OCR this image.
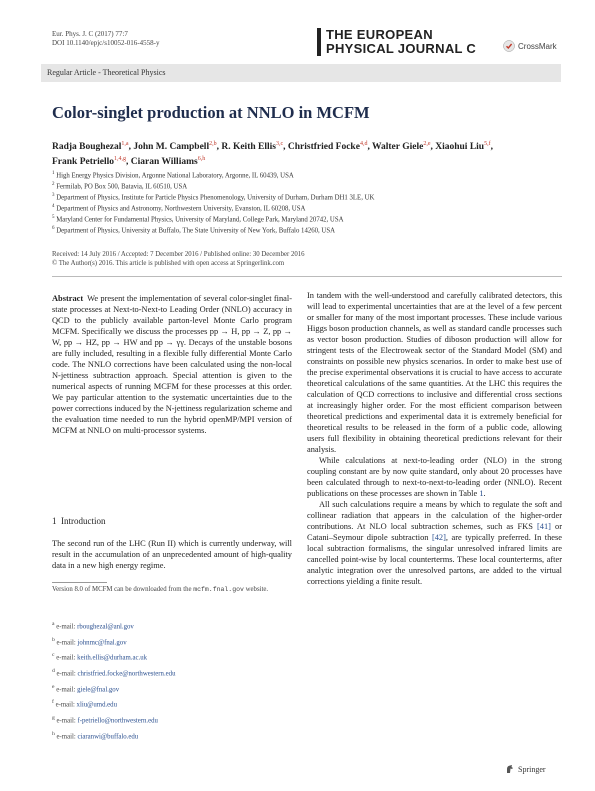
Eur. Phys. J. C (2017) 77:7
DOI 10.1140/epjc/s10052-016-4558-y
THE EUROPEAN
PHYSICAL JOURNAL C	CrossMark
Regular Article - Theoretical Physics
Color-singlet production at NNLO in MCFM
Radja Boughezal$^{1,a}$, John M. Campbell$^{2,b}$, R. Keith Ellis$^{3,c}$, Christfried Focke$^{4,d}$, Walter Giele$^{2,e}$, Xiaohui Liu$^{5,f}$,
Frank Petriello$^{1,4,g}$, Ciaran Williams$^{6,h}$
$^1$ High Energy Physics Division, Argonne National Laboratory, Argonne, IL 60439, USA
$^2$ Fermilab, PO Box 500, Batavia, IL 60510, USA
$^3$ Department of Physics, Institute for Particle Physics Phenomenology, University of Durham, Durham DH1 3LE, UK
$^4$ Department of Physics and Astronomy, Northwestern University, Evanston, IL 60208, USA
$^5$ Maryland Center for Fundamental Physics, University of Maryland, College Park, Maryland 20742, USA
$^6$ Department of Physics, University at Buffalo, The State University of New York, Buffalo 14260, USA
Received: 14 July 2016 / Accepted: 7 December 2016 / Published online: 30 December 2016
© The Author(s) 2016. This article is published with open access at Springerlink.com
Abstract We present the implementation of several color-singlet final-state processes at Next-to-Next-to Leading Order (NNLO) accuracy in QCD to the publicly available parton-level Monte Carlo program MCFM. Specifically we discuss the processes pp → H, pp → Z, pp → W, pp → HZ, pp → HW and pp → γγ. Decays of the unstable bosons are fully included, resulting in a flexible fully differential Monte Carlo code. The NNLO corrections have been calculated using the non-local N-jettiness subtraction approach. Special attention is given to the numerical aspects of running MCFM for these processes at this order. We pay particular attention to the systematic uncertainties due to the power corrections induced by the N-jettiness regularization scheme and the evaluation time needed to run the hybrid openMP/MPI version of MCFM at NNLO on multi-processor systems.
1 Introduction
The second run of the LHC (Run II) which is currently underway, will result in the accumulation of an unprecedented amount of high-quality data in a new high energy regime.
Version 8.0 of MCFM can be downloaded from the mcfm.fnal.gov website.
$^a$ e-mail: rboughezal@anl.gov
$^b$ e-mail: johnmc@fnal.gov
$^c$ e-mail: keith.ellis@durham.ac.uk
$^d$ e-mail: christfried.focke@northwestern.edu
$^e$ e-mail: giele@fnal.gov
$^f$ e-mail: xliu@umd.edu
$^g$ e-mail: f-petriello@northwestern.edu
$^h$ e-mail: ciaranwi@buffalo.edu

In tandem with the well-understood and carefully calibrated detectors, this will lead to experimental uncertainties that are at the level of a few percent or smaller for many of the most important processes. These include various Higgs boson production channels, as well as standard candle processes such as vector boson production. Studies of diboson production will allow for stringent tests of the Electroweak sector of the Standard Model (SM) and constraints on possible new physics scenarios. In order to make best use of the precise experimental observations it is crucial to have access to accurate theoretical calculations of the same quantities. At the LHC this requires the calculation of QCD corrections to inclusive and differential cross sections at increasingly higher order. For the most efficient comparison between theoretical predictions and experimental data it is extremely beneficial for theoretical results to be released in the form of a public code, allowing users full flexibility in obtaining theoretical predictions relevant for their analysis.

While calculations at next-to-leading order (NLO) in the strong coupling constant are by now quite standard, only about 20 processes have been calculated through to next-to-next-to-leading order (NNLO). Recent publications on these processes are shown in Table 1.

All such calculations require a means by which to regulate the soft and collinear radiation that appears in the calculation of the higher-order contributions. At NLO local subtraction schemes, such as FKS [41] or Catani–Seymour dipole subtraction [42], are typically preferred. In these local subtraction formalisms, the singular unresolved infrared limits are cancelled point-wise by local counterterms. These local counterterms, after analytic integration over the unresolved partons, are added to the virtual corrections yielding a finite result.

Springer
